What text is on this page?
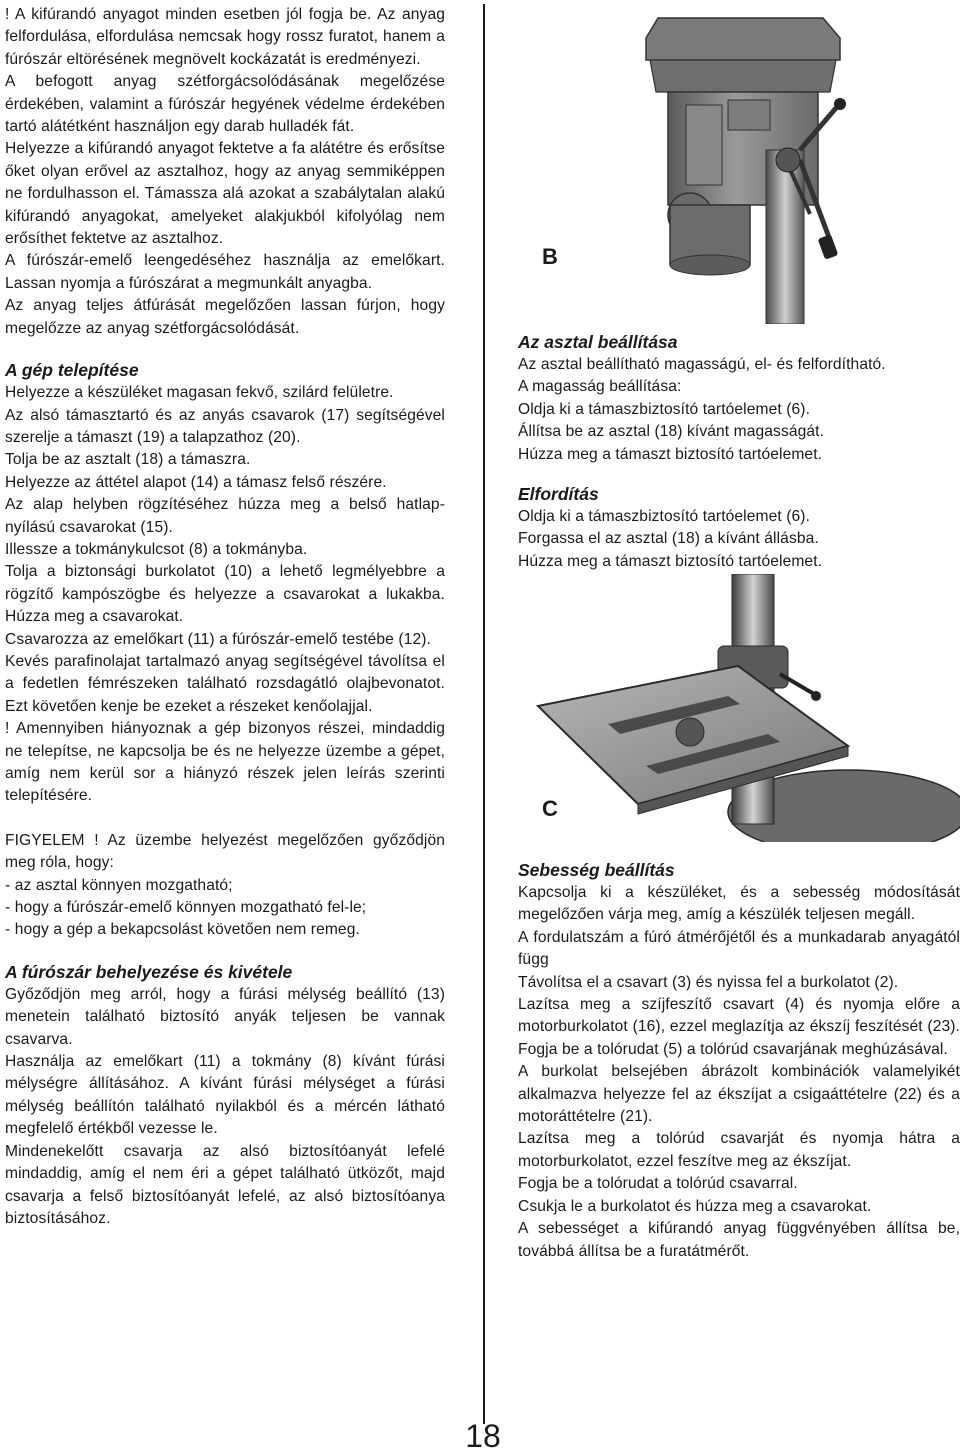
! A kifúrandó anyagot minden esetben jól fogja be. Az anyag felfordulása, elfordulása nemcsak hogy rossz furatot, hanem a fúrószár eltörésének megnövelt kockázatát is eredményezi.

A befogott anyag szétforgácsolódásának megelőzése érdekében, valamint a fúrószár hegyének védelme érdekében tartó alátétként használjon egy darab hulladék fát.

Helyezze a kifúrandó anyagot fektetve a fa alátétre és erősítse őket olyan erővel az asztalhoz, hogy az anyag semmiképpen ne fordulhasson el. Támassza alá azokat a szabálytalan alakú kifúrandó anyagokat, amelyeket alakjukból kifolyólag nem erősíthet fektetve az asztalhoz.

A fúrószár-emelő leengedéséhez használja az emelőkart. Lassan nyomja a fúrószárat a megmunkált anyagba.

Az anyag teljes átfúrását megelőzően lassan fúrjon, hogy megelőzze az anyag szétforgácsolódását.

A gép telepítése

Helyezze a készüléket magasan fekvő, szilárd felületre.

Az alsó támasztartó és az anyás csavarok (17) segítségével szerelje a támaszt (19) a talapzathoz (20).

Tolja be az asztalt (18) a támaszra.

Helyezze az áttétel alapot (14) a támasz felső részére.

Az alap helyben rögzítéséhez húzza meg a belső hatlap-nyílású csavarokat (15).

Illessze a tokmánykulcsot (8) a tokmányba.

Tolja a biztonsági burkolatot (10) a lehető legmélyebbre a rögzítő kampószögbe és helyezze a csavarokat a lukakba. Húzza meg a csavarokat.

Csavarozza az emelőkart (11) a fúrószár-emelő testébe (12).

Kevés parafinolajat tartalmazó anyag segítségével távolítsa el a fedetlen fémrészeken található rozsdagátló olajbevonatot. Ezt követően kenje be ezeket a részeket kenőolajjal.

! Amennyiben hiányoznak a gép bizonyos részei, mindaddig ne telepítse, ne kapcsolja be és ne helyezze üzembe a gépet, amíg nem kerül sor a hiányzó részek jelen leírás szerinti telepítésére.

FIGYELEM ! Az üzembe helyezést megelőzően győződjön meg róla, hogy:

- az asztal könnyen mozgatható;

- hogy a fúrószár-emelő könnyen mozgatható fel-le;

- hogy a gép a bekapcsolást követően nem remeg.

A fúrószár behelyezése és kivétele

Győződjön meg arról, hogy a fúrási mélység beállító (13) menetein található biztosító anyák teljesen be vannak csavarva.

Használja az emelőkart (11) a tokmány (8) kívánt fúrási mélységre állításához. A kívánt fúrási mélységet a fúrási mélység beállítón található nyilakból és a mércén látható megfelelő értékből vezesse le.

Mindenekelőtt csavarja az alsó biztosítóanyát lefelé mindaddig, amíg el nem éri a gépet található ütközőt, majd csavarja a felső biztosítóanyát lefelé, az alsó biztosítóanya biztosításához.

18
B
Az asztal beállítása

Az asztal beállítható magasságú, el- és felfordítható.

A magasság beállítása:

Oldja ki a támaszbiztosító tartóelemet (6).

Állítsa be az asztal (18) kívánt magasságát.

Húzza meg a támaszt biztosító tartóelemet.

Elfordítás

Oldja ki a támaszbiztosító tartóelemet (6).

Forgassa el az asztal (18) a kívánt állásba.

Húzza meg a támaszt biztosító tartóelemet.

C
Sebesség beállítás

Kapcsolja ki a készüléket, és a sebesség módosítását megelőzően várja meg, amíg a készülék teljesen megáll.

A fordulatszám a fúró átmérőjétől és a munkadarab anyagától függ

Távolítsa el a csavart (3) és nyissa fel a burkolatot (2).

Lazítsa meg a szíjfeszítő csavart (4) és nyomja előre a motorburkolatot (16), ezzel meglazítja az ékszíj feszítését (23). Fogja be a tolórudat (5) a tolórúd csavarjának meghúzásával.

A burkolat belsejében ábrázolt kombinációk valamelyikét alkalmazva helyezze fel az ékszíjat a csigaáttételre (22) és a motoráttételre (21).

Lazítsa meg a tolórúd csavarját és nyomja hátra a motorburkolatot, ezzel feszítve meg az ékszíjat.

Fogja be a tolórudat a tolórúd csavarral.

Csukja le a burkolatot és húzza meg a csavarokat.

A sebességet a kifúrandó anyag függvényében állítsa be, továbbá állítsa be a furatátmérőt.
